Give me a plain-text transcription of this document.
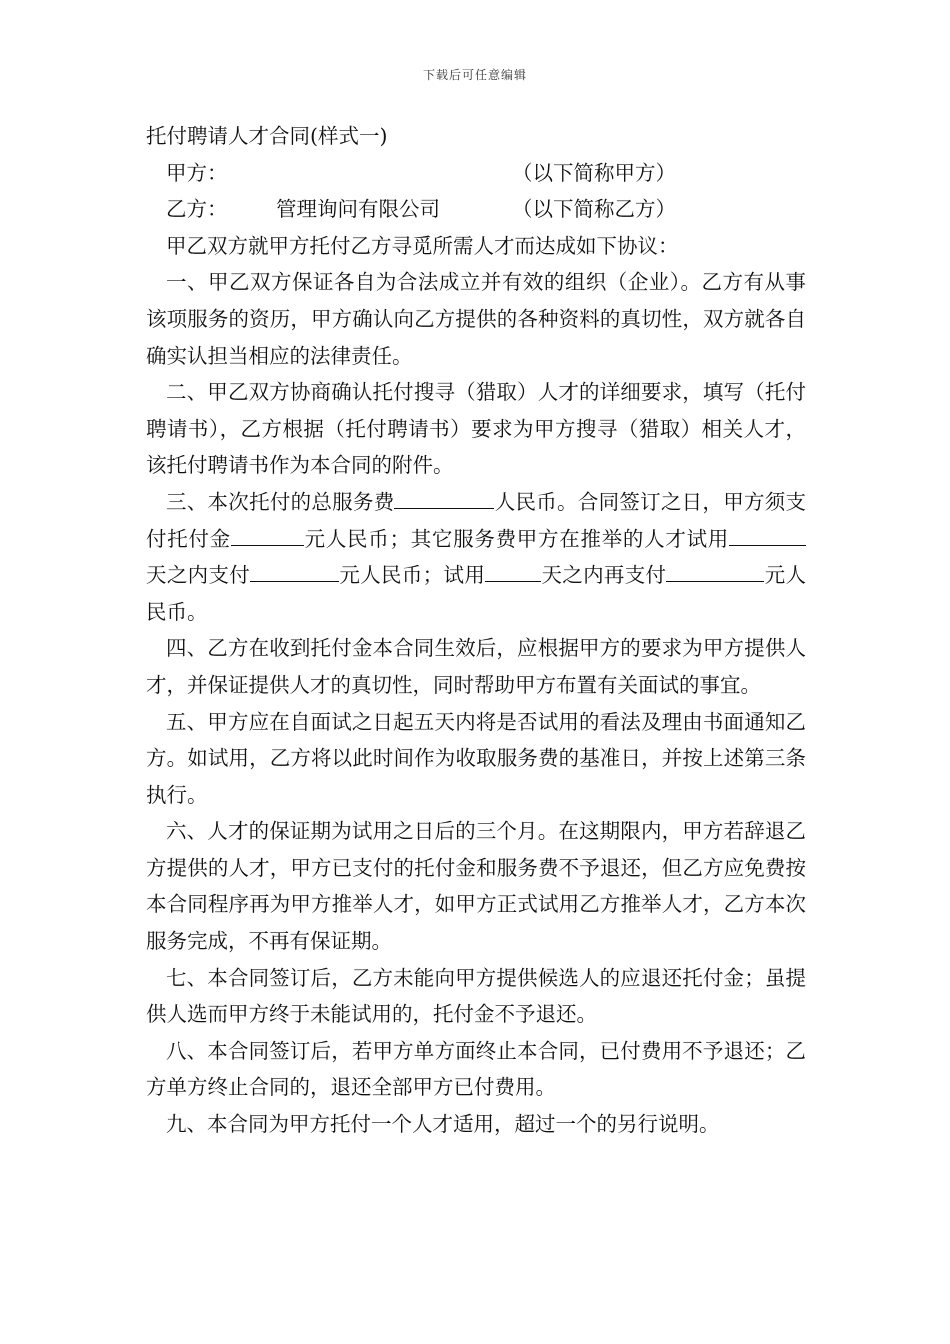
下载后可任意编辑

托付聘请人才合同(样式一)

甲方：	（以下简称甲方）
乙方： 管理询问有限公司	（以下简称乙方）

甲乙双方就甲方托付乙方寻觅所需人才而达成如下协议：

一、甲乙双方保证各自为合法成立并有效的组织（企业）。乙方有从事该项服务的资历，甲方确认向乙方提供的各种资料的真切性，双方就各自确实认担当相应的法律责任。

二、甲乙双方协商确认托付搜寻（猎取）人才的详细要求，填写（托付聘请书），乙方根据（托付聘请书）要求为甲方搜寻（猎取）相关人才，该托付聘请书作为本合同的附件。

三、本次托付的总服务费	人民币。合同签订之日，甲方须支付托付金	元人民币；其它服务费甲方在推举的人才试用天之内支付	元人民币；试用	天之内再支付	元人民币。

四、乙方在收到托付金本合同生效后，应根据甲方的要求为甲方提供人才，并保证提供人才的真切性，同时帮助甲方布置有关面试的事宜。

五、甲方应在自面试之日起五天内将是否试用的看法及理由书面通知乙方。如试用，乙方将以此时间作为收取服务费的基准日，并按上述第三条执行。

六、人才的保证期为试用之日后的三个月。在这期限内，甲方若辞退乙方提供的人才，甲方已支付的托付金和服务费不予退还，但乙方应免费按本合同程序再为甲方推举人才，如甲方正式试用乙方推举人才，乙方本次服务完成，不再有保证期。

七、本合同签订后，乙方未能向甲方提供候选人的应退还托付金；虽提供人选而甲方终于未能试用的，托付金不予退还。

八、本合同签订后，若甲方单方面终止本合同，已付费用不予退还；乙方单方终止合同的，退还全部甲方已付费用。

九、本合同为甲方托付一个人才适用，超过一个的另行说明。
